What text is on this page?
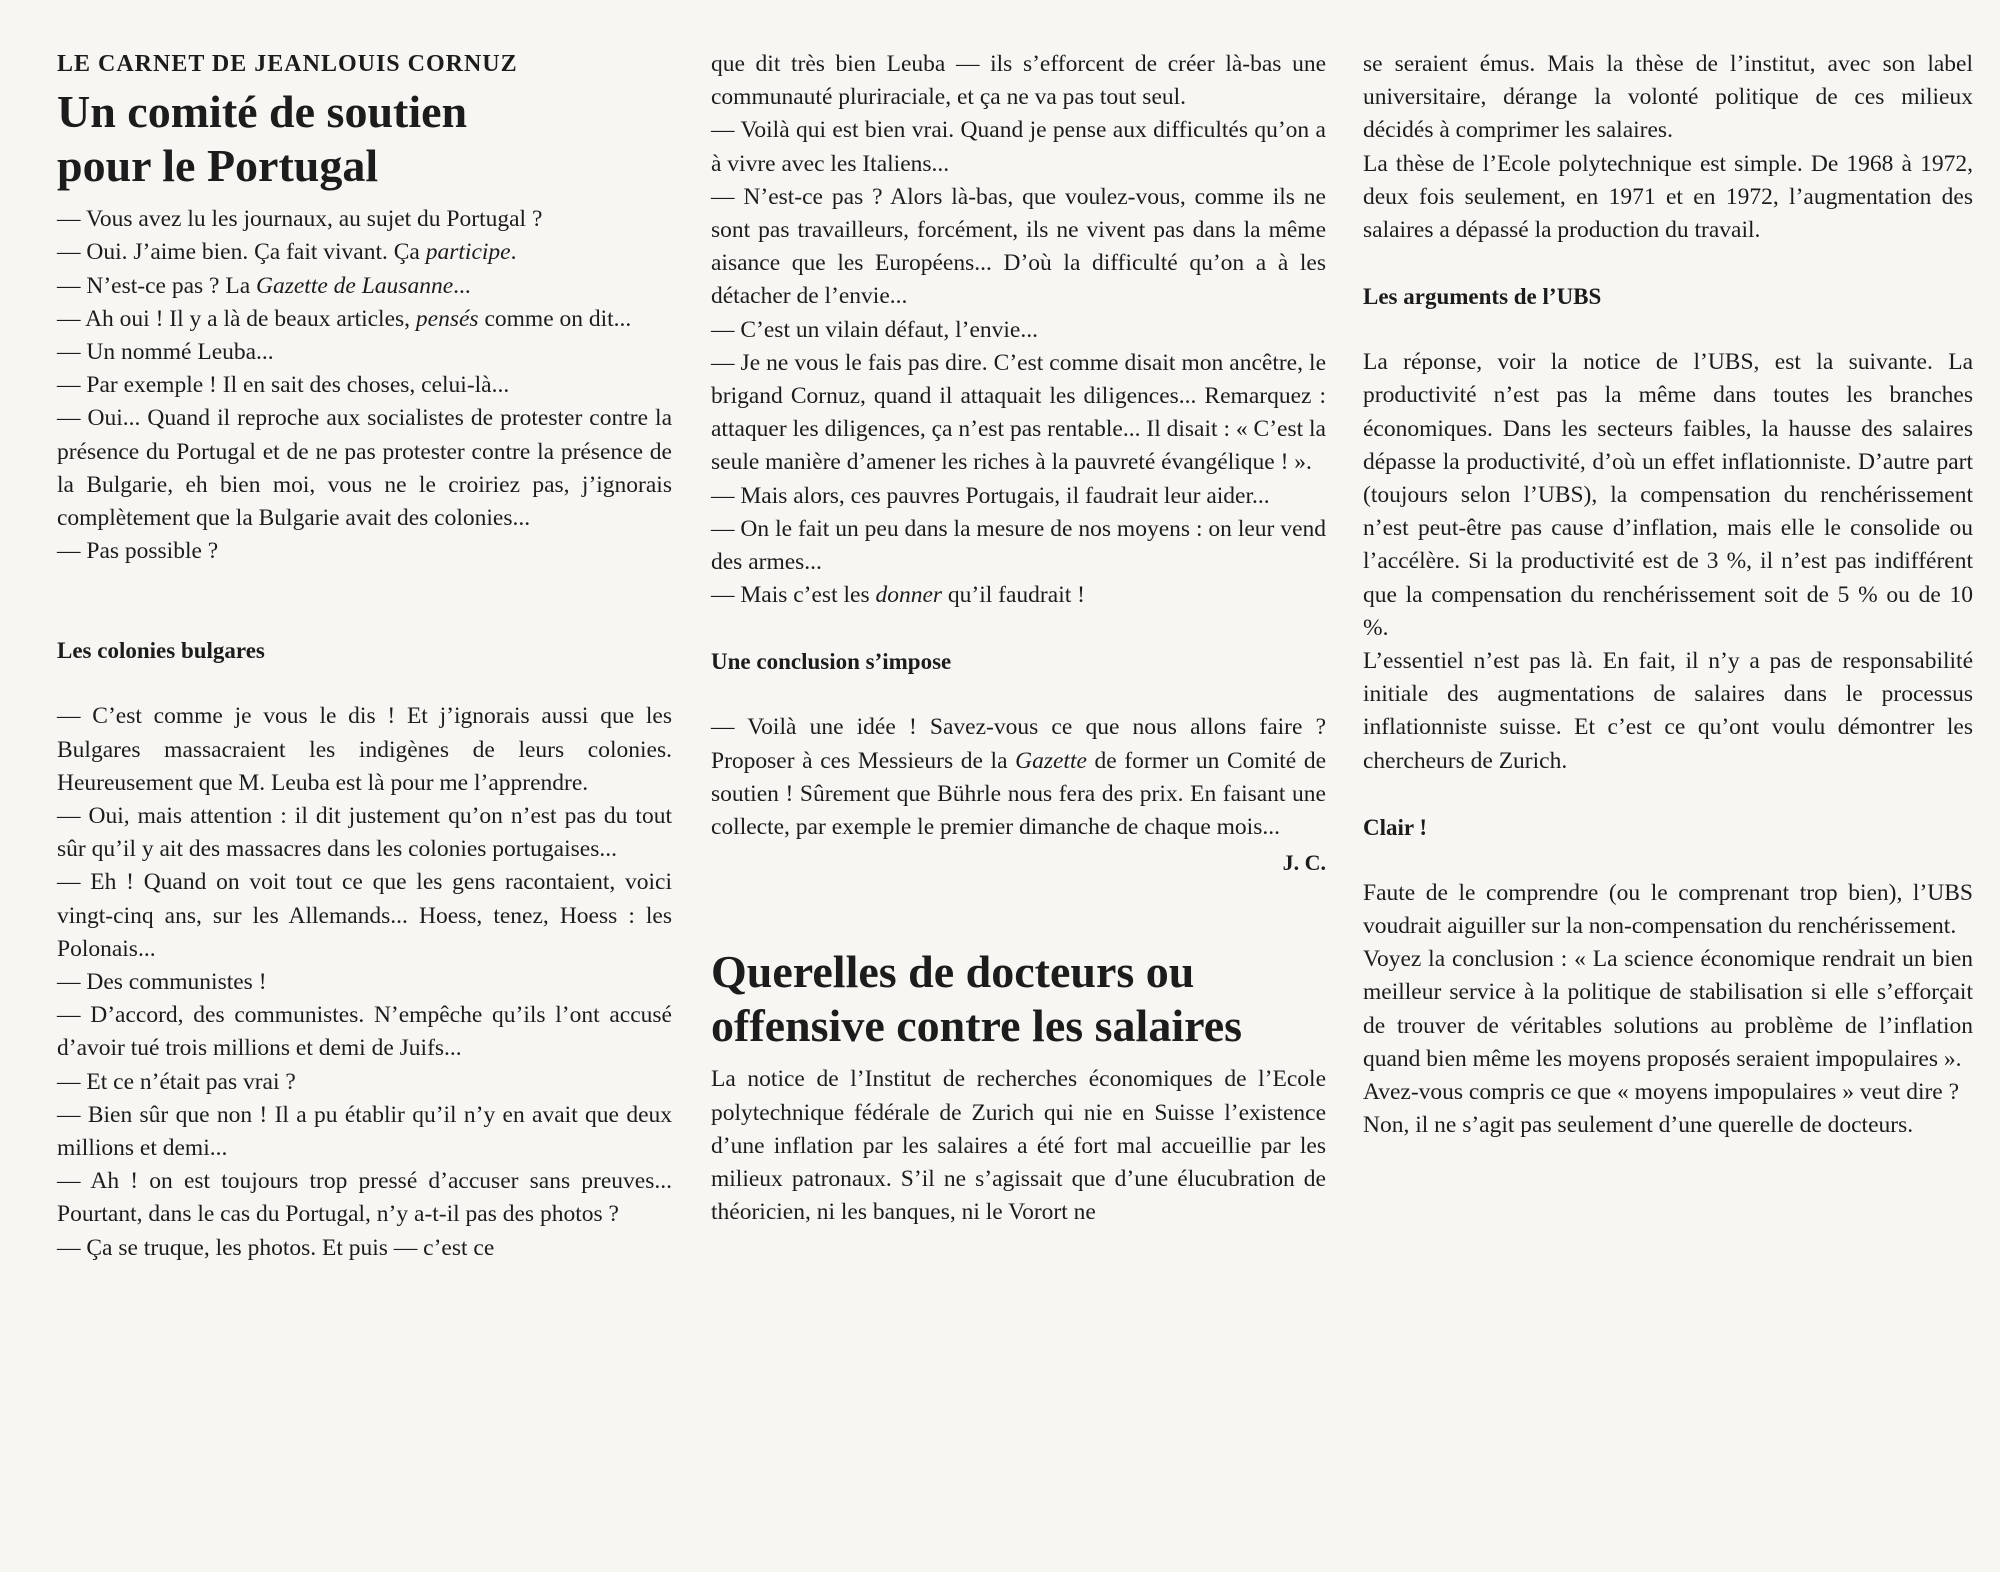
LE CARNET DE JEANLOUIS CORNUZ
Un comité de soutien
pour le Portugal

— Vous avez lu les journaux, au sujet du Portugal ?

— Oui. J’aime bien. Ça fait vivant. Ça participe.

— N’est-ce pas ? La Gazette de Lausanne...

— Ah oui ! Il y a là de beaux articles, pensés comme on dit...

— Un nommé Leuba...

— Par exemple ! Il en sait des choses, celui-là...

— Oui... Quand il reproche aux socialistes de protester contre la présence du Portugal et de ne pas protester contre la présence de la Bulgarie, eh bien moi, vous ne le croiriez pas, j’ignorais complètement que la Bulgarie avait des colonies...

— Pas possible ?

Les colonies bulgares

— C’est comme je vous le dis ! Et j’ignorais aussi que les Bulgares massacraient les indigènes de leurs colonies. Heureusement que M. Leuba est là pour me l’apprendre.

— Oui, mais attention : il dit justement qu’on n’est pas du tout sûr qu’il y ait des massacres dans les colonies portugaises...

— Eh ! Quand on voit tout ce que les gens racontaient, voici vingt-cinq ans, sur les Allemands... Hoess, tenez, Hoess : les Polonais...

— Des communistes !

— D’accord, des communistes. N’empêche qu’ils l’ont accusé d’avoir tué trois millions et demi de Juifs...

— Et ce n’était pas vrai ?

— Bien sûr que non ! Il a pu établir qu’il n’y en avait que deux millions et demi...

— Ah ! on est toujours trop pressé d’accuser sans preuves... Pourtant, dans le cas du Portugal, n’y a-t-il pas des photos ?

— Ça se truque, les photos. Et puis — c’est ce

que dit très bien Leuba — ils s’efforcent de créer là-bas une communauté pluriraciale, et ça ne va pas tout seul.

— Voilà qui est bien vrai. Quand je pense aux difficultés qu’on a à vivre avec les Italiens...

— N’est-ce pas ? Alors là-bas, que voulez-vous, comme ils ne sont pas travailleurs, forcément, ils ne vivent pas dans la même aisance que les Européens... D’où la difficulté qu’on a à les détacher de l’envie...

— C’est un vilain défaut, l’envie...

— Je ne vous le fais pas dire. C’est comme disait mon ancêtre, le brigand Cornuz, quand il attaquait les diligences... Remarquez : attaquer les diligences, ça n’est pas rentable... Il disait : « C’est la seule manière d’amener les riches à la pauvreté évangélique ! ».

— Mais alors, ces pauvres Portugais, il faudrait leur aider...

— On le fait un peu dans la mesure de nos moyens : on leur vend des armes...

— Mais c’est les donner qu’il faudrait !

Une conclusion s’impose

— Voilà une idée ! Savez-vous ce que nous allons faire ? Proposer à ces Messieurs de la Gazette de former un Comité de soutien ! Sûrement que Bührle nous fera des prix. En faisant une collecte, par exemple le premier dimanche de chaque mois...

J. C.
Querelles de docteurs ou
offensive contre les salaires

La notice de l’Institut de recherches économiques de l’Ecole polytechnique fédérale de Zurich qui nie en Suisse l’existence d’une inflation par les salaires a été fort mal accueillie par les milieux patronaux. S’il ne s’agissait que d’une élucubration de théoricien, ni les banques, ni le Vorort ne

se seraient émus. Mais la thèse de l’institut, avec son label universitaire, dérange la volonté politique de ces milieux décidés à comprimer les salaires.

La thèse de l’Ecole polytechnique est simple. De 1968 à 1972, deux fois seulement, en 1971 et en 1972, l’augmentation des salaires a dépassé la production du travail.

Les arguments de l’UBS

La réponse, voir la notice de l’UBS, est la suivante. La productivité n’est pas la même dans toutes les branches économiques. Dans les secteurs faibles, la hausse des salaires dépasse la productivité, d’où un effet inflationniste. D’autre part (toujours selon l’UBS), la compensation du renchérissement n’est peut-être pas cause d’inflation, mais elle le consolide ou l’accélère. Si la productivité est de 3 %, il n’est pas indifférent que la compensation du renchérissement soit de 5 % ou de 10 %.

L’essentiel n’est pas là. En fait, il n’y a pas de responsabilité initiale des augmentations de salaires dans le processus inflationniste suisse. Et c’est ce qu’ont voulu démontrer les chercheurs de Zurich.

Clair !

Faute de le comprendre (ou le comprenant trop bien), l’UBS voudrait aiguiller sur la non-compensation du renchérissement.

Voyez la conclusion : « La science économique rendrait un bien meilleur service à la politique de stabilisation si elle s’efforçait de trouver de véritables solutions au problème de l’inflation quand bien même les moyens proposés seraient impopulaires ».

Avez-vous compris ce que « moyens impopulaires » veut dire ?

Non, il ne s’agit pas seulement d’une querelle de docteurs.
